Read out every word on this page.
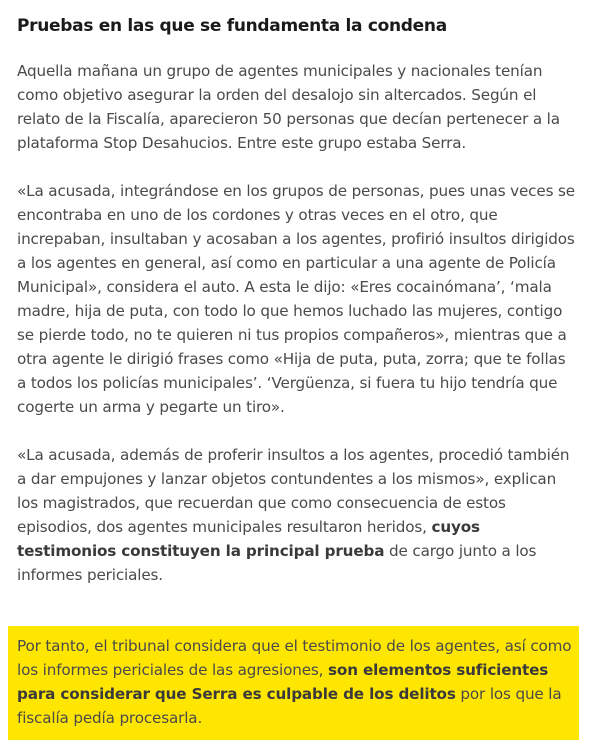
Pruebas en las que se fundamenta la condena

Aquella mañana un grupo de agentes municipales y nacionales tenían como objetivo asegurar la orden del desalojo sin altercados. Según el relato de la Fiscalía, aparecieron 50 personas que decían pertenecer a la plataforma Stop Desahucios. Entre este grupo estaba Serra.

«La acusada, integrándose en los grupos de personas, pues unas veces se encontraba en uno de los cordones y otras veces en el otro, que increpaban, insultaban y acosaban a los agentes, profirió insultos dirigidos a los agentes en general, así como en particular a una agente de Policía Municipal», considera el auto. A esta le dijo: «Eres cocainómana’, ‘mala madre, hija de puta, con todo lo que hemos luchado las mujeres, contigo se pierde todo, no te quieren ni tus propios compañeros», mientras que a otra agente le dirigió frases como «Hija de puta, puta, zorra; que te follas a todos los policías municipales’. ‘Vergüenza, si fuera tu hijo tendría que cogerte un arma y pegarte un tiro».

«La acusada, además de proferir insultos a los agentes, procedió también a dar empujones y lanzar objetos contundentes a los mismos», explican los magistrados, que recuerdan que como consecuencia de estos episodios, dos agentes municipales resultaron heridos, cuyos testimonios constituyen la principal prueba de cargo junto a los informes periciales.

Por tanto, el tribunal considera que el testimonio de los agentes, así como los informes periciales de las agresiones, son elementos suficientes para considerar que Serra es culpable de los delitos por los que la fiscalía pedía procesarla.
